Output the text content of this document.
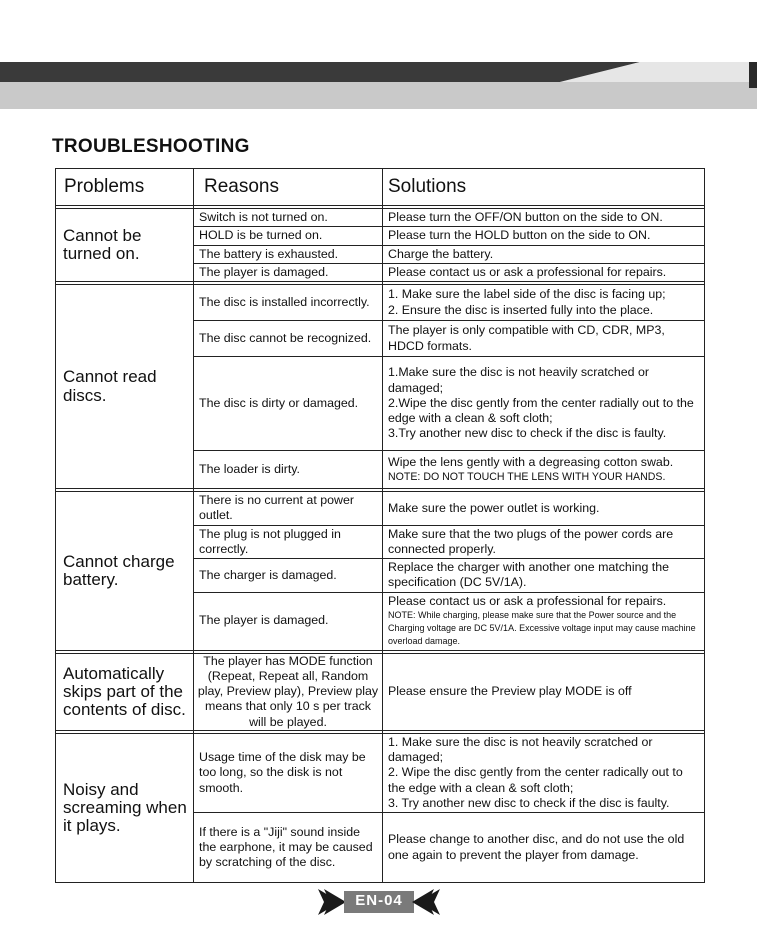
TROUBLESHOOTING
Problems	Reasons	Solutions

Cannot be turned on.	Switch is not turned on.	Please turn the OFF/ON button on the side to ON.
	HOLD is be turned on.	Please turn the HOLD button on the side to ON.
	The battery is exhausted.	Charge the battery.
	The player is damaged.	Please contact us or ask a professional for repairs.

Cannot read discs.	The disc is installed incorrectly.	1. Make sure the label side of the disc is facing up;
2. Ensure the disc is inserted fully into the place.

	The disc cannot be recognized.	The player is only compatible with CD, CDR, MP3, HDCD formats.
	The disc is dirty or damaged.	1.Make sure the disc is not heavily scratched or damaged;
2.Wipe the disc gently from the center radially out to the edge with a clean & soft cloth;
3.Try another new disc to check if the disc is faulty.

	The loader is dirty.	Wipe the lens gently with a degreasing cotton swab.
NOTE: DO NOT TOUCH THE LENS WITH YOUR HANDS.

Cannot charge battery.	There is no current at power outlet.	Make sure the power outlet is working.
	The plug is not plugged in correctly.	Make sure that the two plugs of the power cords are connected properly.
	The charger is damaged.	Replace the charger with another one matching the specification (DC 5V/1A).
	The player is damaged.	Please contact us or ask a professional for repairs.
NOTE: While charging, please make sure that the Power source and the Charging voltage are DC 5V/1A. Excessive voltage input may cause machine overload damage.

Automatically skips part of the contents of disc.	The player has MODE function (Repeat, Repeat all, Random play, Preview play), Preview play means that only 10 s per track will be played.	Please ensure the Preview play MODE is off

Noisy and screaming when it plays.	Usage time of the disk may be too long, so the disk is not smooth.	1. Make sure the disc is not heavily scratched or damaged;
2. Wipe the disc gently from the center radically out to the edge with a clean & soft cloth;
3. Try another new disc to check if the disc is faulty.

	If there is a "Jiji" sound inside the earphone, it may be caused by scratching of the disc.	Please change to another disc, and do not use the old one again to prevent the player from damage.
EN-04
